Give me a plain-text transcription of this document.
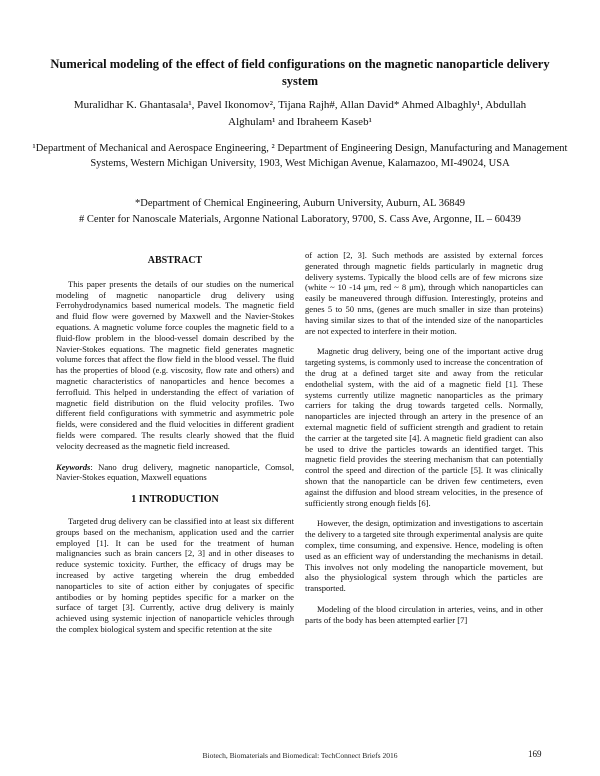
Numerical modeling of the effect of field configurations on the magnetic nanoparticle delivery system
Muralidhar K. Ghantasala¹, Pavel Ikonomov², Tijana Rajh#, Allan David* Ahmed Albaghly¹, Abdullah Alghulam¹ and Ibraheem Kaseb¹
¹Department of Mechanical and Aerospace Engineering, ² Department of Engineering Design, Manufacturing and Management Systems, Western Michigan University, 1903, West Michigan Avenue, Kalamazoo, MI-49024, USA
*Department of Chemical Engineering, Auburn University, Auburn, AL 36849
# Center for Nanoscale Materials, Argonne National Laboratory, 9700, S. Cass Ave, Argonne, IL – 60439
ABSTRACT

This paper presents the details of our studies on the numerical modeling of magnetic nanoparticle drug delivery using Ferrohydrodynamics based numerical models. The magnetic field and fluid flow were governed by Maxwell and the Navier-Stokes equations. A magnetic volume force couples the magnetic field to a fluid-flow problem in the blood-vessel domain described by the Navier-Stokes equations. The magnetic field generates magnetic volume forces that affect the flow field in the blood vessel. The fluid has the properties of blood (e.g. viscosity, flow rate and others) and magnetic characteristics of nanoparticles and hence becomes a ferrofluid. This helped in understanding the effect of variation of magnetic field distribution on the fluid velocity profiles. Two different field configurations with symmetric and asymmetric pole fields, were considered and the fluid velocities in different gradient fields were compared. The results clearly showed that the fluid velocity decreased as the magnetic field increased.

Keywords: Nano drug delivery, magnetic nanoparticle, Comsol, Navier-Stokes equation, Maxwell equations

1 INTRODUCTION

Targeted drug delivery can be classified into at least six different groups based on the mechanism, application used and the carrier employed [1]. It can be used for the treatment of human malignancies such as brain cancers [2, 3] and in other diseases to reduce systemic toxicity. Further, the efficacy of drugs may be increased by active targeting wherein the drug embedded nanoparticles to site of action either by conjugates of specific antibodies or by homing peptides specific for a marker on the surface of target [3]. Currently, active drug delivery is mainly achieved using systemic injection of nanoparticle vehicles through the complex biological system and specific retention at the site

of action [2, 3]. Such methods are assisted by external forces generated through magnetic fields particularly in magnetic drug delivery systems. Typically the blood cells are of few microns size (white ~ 10 -14 μm, red ~ 8 μm), through which nanoparticles can easily be maneuvered through diffusion. Interestingly, proteins and genes 5 to 50 nms, (genes are much smaller in size than proteins) having similar sizes to that of the intended size of the nanoparticles are not expected to interfere in their motion.

Magnetic drug delivery, being one of the important active drug targeting systems, is commonly used to increase the concentration of the drug at a defined target site and away from the reticular endothelial system, with the aid of a magnetic field [1]. These systems currently utilize magnetic nanoparticles as the primary carriers for taking the drug towards targeted cells. Normally, nanoparticles are injected through an artery in the presence of an external magnetic field of sufficient strength and gradient to retain the carrier at the targeted site [4]. A magnetic field gradient can also be used to drive the particles towards an identified target. This magnetic field provides the steering mechanism that can potentially control the speed and direction of the particle [5]. It was clinically shown that the nanoparticle can be driven few centimeters, even against the diffusion and blood stream velocities, in the presence of sufficiently strong enough fields [6].

However, the design, optimization and investigations to ascertain the delivery to a targeted site through experimental analysis are quite complex, time consuming, and expensive. Hence, modeling is often used as an efficient way of understanding the mechanisms in detail. This involves not only modeling the nanoparticle movement, but also the physiological system through which the particles are transported.

Modeling of the blood circulation in arteries, veins, and in other parts of the body has been attempted earlier [7]

Biotech, Biomaterials and Biomedical: TechConnect Briefs 2016	169
